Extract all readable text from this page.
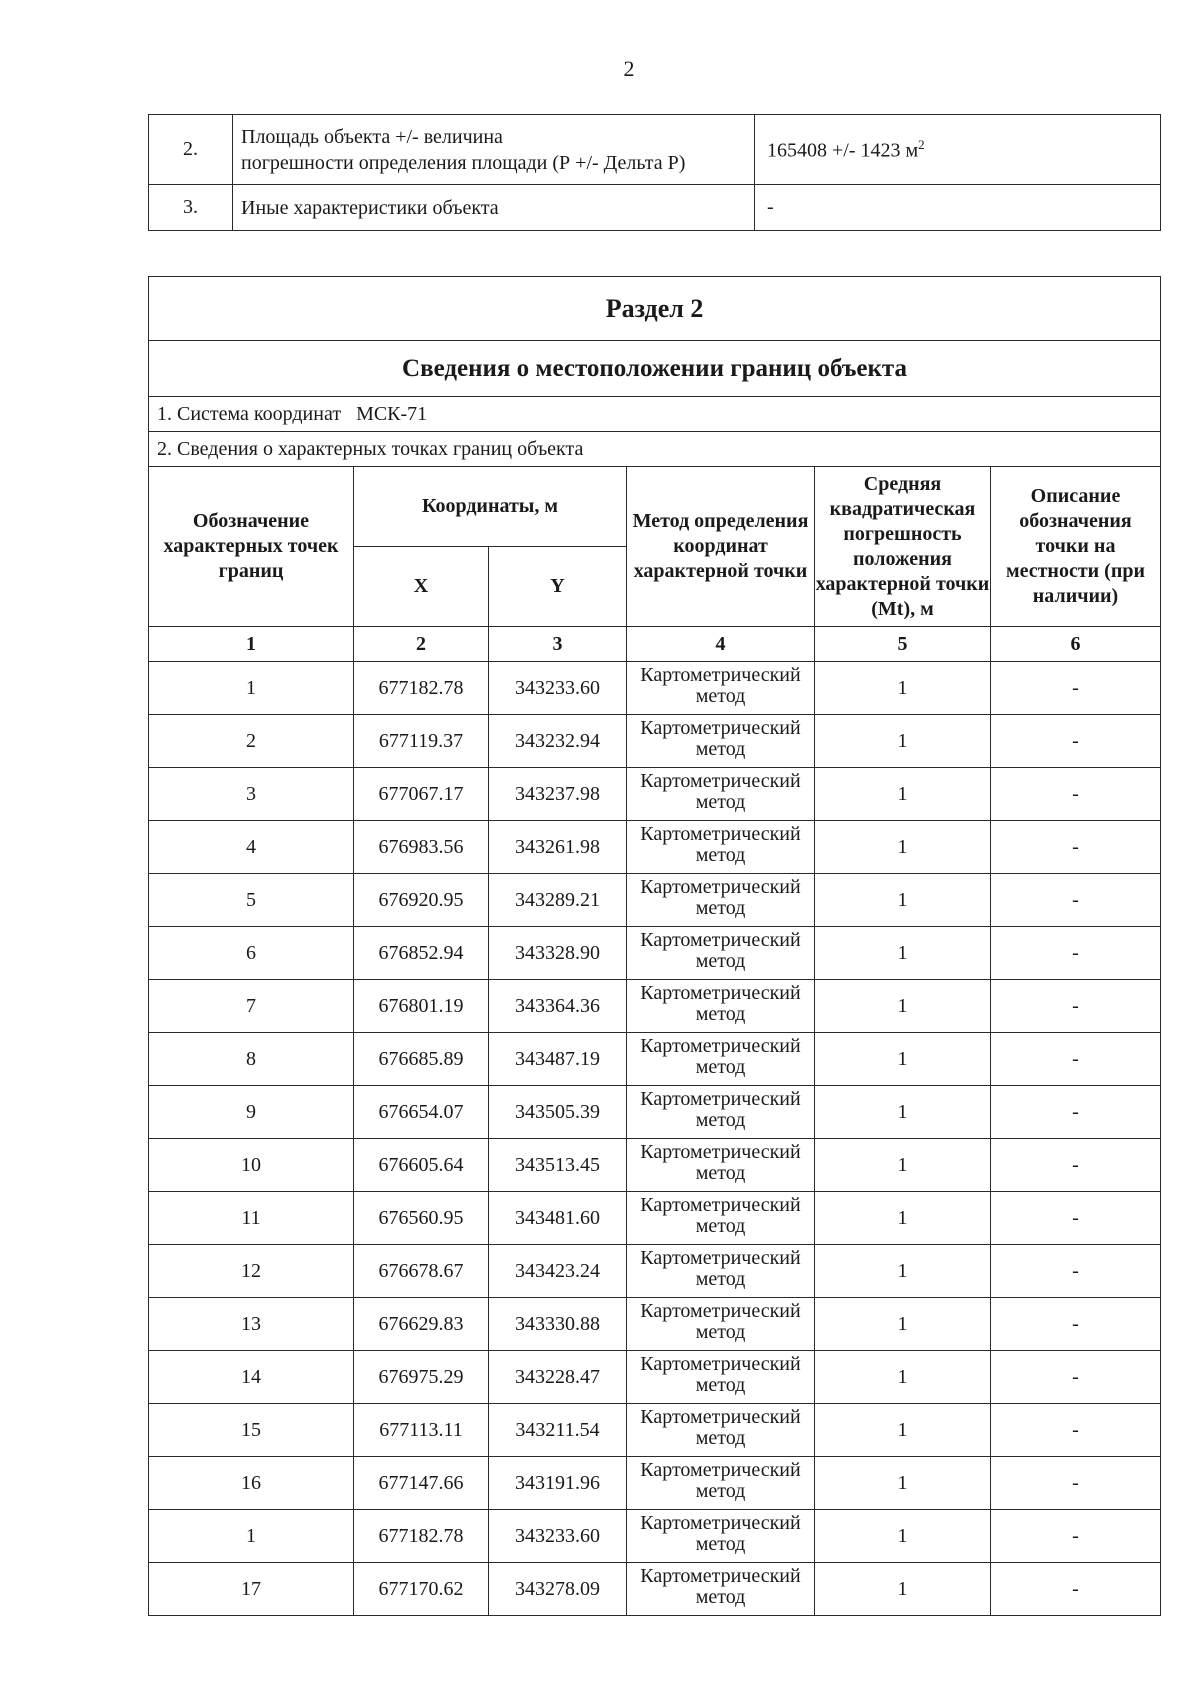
2
2.	Площадь объекта +/- величина
погрешности определения площади (Р +/- Дельта Р)	165408 +/- 1423 $м^2$
3.	Иные характеристики объекта	-
Раздел 2					
Сведения о местоположении границ объекта					
1. Система координат МСК-71					
2. Сведения о характерных точках границ объекта					
Обозначение характерных точек границ	Координаты, м		Метод определения координат характерной точки	Средняя квадратическая погрешность положения характерной точки (Mt), м	Описание обозначения точки на местности (при наличии)
	X	Y			
1	2	3	4	5	6
1	677182.78	343233.60	Картометрический метод	1	-
2	677119.37	343232.94	Картометрический метод	1	-
3	677067.17	343237.98	Картометрический метод	1	-
4	676983.56	343261.98	Картометрический метод	1	-
5	676920.95	343289.21	Картометрический метод	1	-
6	676852.94	343328.90	Картометрический метод	1	-
7	676801.19	343364.36	Картометрический метод	1	-
8	676685.89	343487.19	Картометрический метод	1	-
9	676654.07	343505.39	Картометрический метод	1	-
10	676605.64	343513.45	Картометрический метод	1	-
11	676560.95	343481.60	Картометрический метод	1	-
12	676678.67	343423.24	Картометрический метод	1	-
13	676629.83	343330.88	Картометрический метод	1	-
14	676975.29	343228.47	Картометрический метод	1	-
15	677113.11	343211.54	Картометрический метод	1	-
16	677147.66	343191.96	Картометрический метод	1	-
1	677182.78	343233.60	Картометрический метод	1	-
17	677170.62	343278.09	Картометрический метод	1	-
